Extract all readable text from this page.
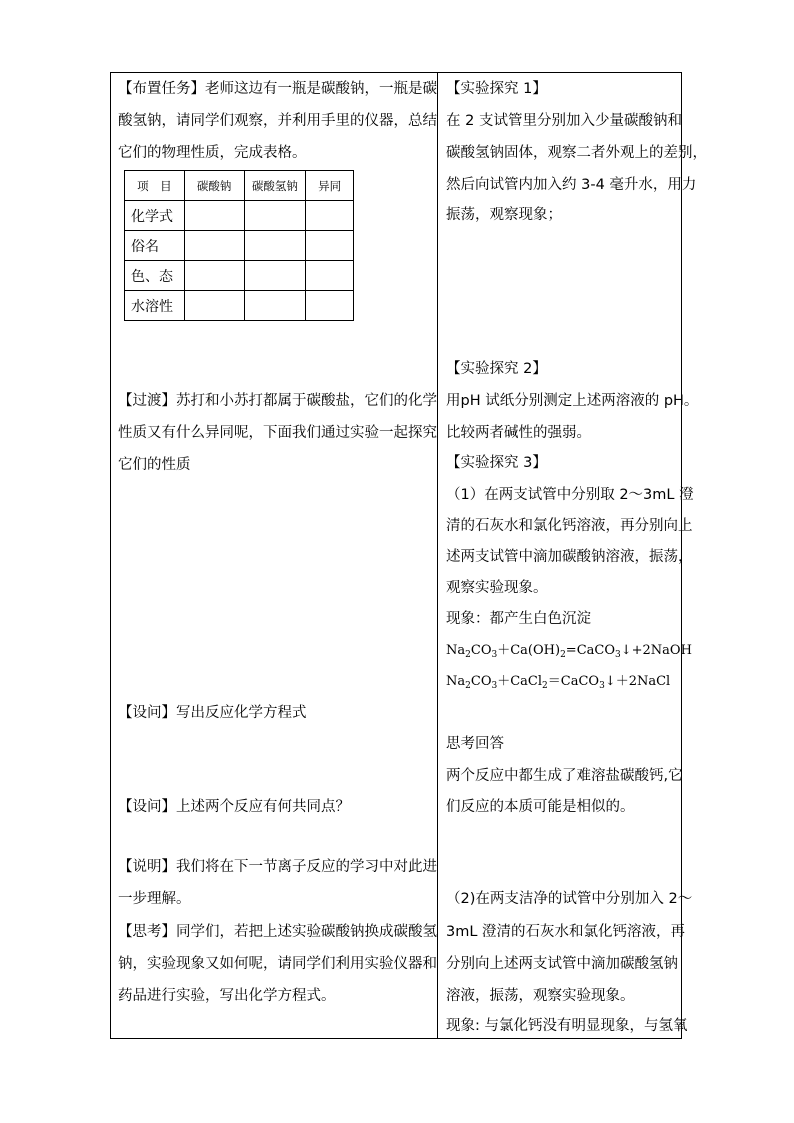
【布置任务】老师这边有一瓶是碳酸钠，一瓶是碳
酸氢钠，请同学们观察，并利用手里的仪器，总结
它们的物理性质，完成表格。
项　目	碳酸钠	碳酸氢钠	异同
化学式			
俗名			
色、态			
水溶性			
【过渡】苏打和小苏打都属于碳酸盐，它们的化学
性质又有什么异同呢，下面我们通过实验一起探究
它们的性质
【设问】写出反应化学方程式
【设问】上述两个反应有何共同点？
【说明】我们将在下一节离子反应的学习中对此进
一步理解。
【思考】同学们，若把上述实验碳酸钠换成碳酸氢
钠，实验现象又如何呢，请同学们利用实验仪器和
药品进行实验，写出化学方程式。
【实验探究 1】
在 2 支试管里分别加入少量碳酸钠和
碳酸氢钠固体，观察二者外观上的差别，
然后向试管内加入约 3-4 毫升水，用力
振荡，观察现象；
【实验探究 2】
用pH 试纸分别测定上述两溶液的 pH。
比较两者碱性的强弱。
【实验探究 3】
（1）在两支试管中分别取 2～3mL 澄
清的石灰水和氯化钙溶液，再分别向上
述两支试管中滴加碳酸钠溶液，振荡，
观察实验现象。
现象：都产生白色沉淀
$Na_2CO_3+Ca(OH)_2=CaCO_3↓+2NaOH$
$Na_2CO_3+CaCl_2=CaCO_3↓+2NaCl$
思考回答
两个反应中都生成了难溶盐碳酸钙,它
们反应的本质可能是相似的。
（2)在两支洁净的试管中分别加入 2～
3mL 澄清的石灰水和氯化钙溶液，再
分别向上述两支试管中滴加碳酸氢钠
溶液，振荡，观察实验现象。
现象: 与氯化钙没有明显现象，与氢氧
